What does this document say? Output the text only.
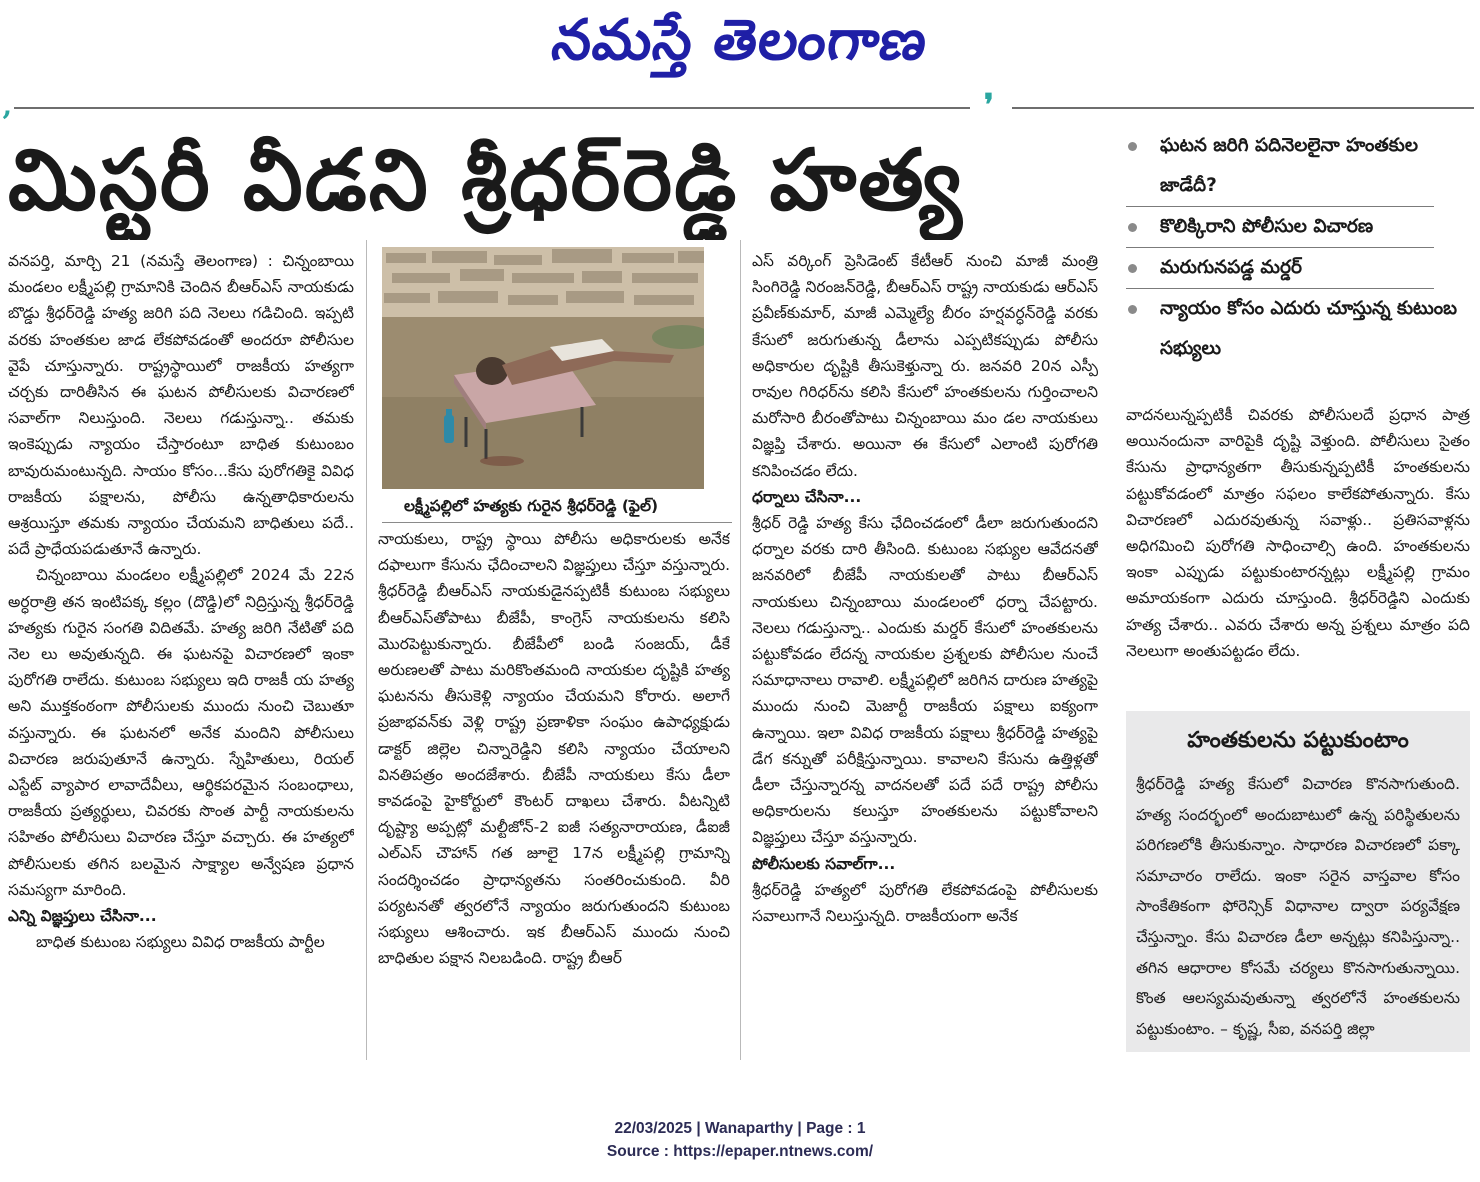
నమస్తే తెలంగాణ
‚	❜
మిస్టరీ వీడని శ్రీధర్‌రెడ్డి హత్య

వనపర్తి, మార్చి 21 (నమస్తే తెలంగాణ) : చిన్నంబాయి మండలం లక్ష్మీపల్లి గ్రామానికి చెందిన బీఆర్‌ఎస్ నాయకుడు బొడ్డు శ్రీధర్‌రెడ్డి హత్య జరిగి పది నెలలు గడిచింది. ఇప్పటి వరకు హంతకుల జాడ లేకపోవడంతో అందరూ పోలీసుల వైపే చూస్తున్నారు. రాష్ట్రస్థాయిలో రాజకీయ హత్యగా చర్చకు దారితీసిన ఈ ఘటన పోలీసులకు విచారణలో సవాల్‌గా నిలుస్తుంది. నెలలు గడుస్తున్నా.. తమకు ఇంకెప్పుడు న్యాయం చేస్తారంటూ బాధిత కుటుంబం బావురుమంటున్నది. సాయం కోసం...కేసు పురోగతికై వివిధ రాజకీయ పక్షాలను, పోలీసు ఉన్నతాధికారులను ఆశ్రయిస్తూ తమకు న్యాయం చేయమని బాధితులు పదే.. పదే ప్రాధేయపడుతూనే ఉన్నారు.

చిన్నంబాయి మండలం లక్ష్మీపల్లిలో 2024 మే 22న అర్ధరాత్రి తన ఇంటిపక్క కల్లం (దొడ్డి)లో నిద్రిస్తున్న శ్రీధర్‌రెడ్డి హత్యకు గురైన సంగతి విదితమే. హత్య జరిగి నేటితో పది నెల లు అవుతున్నది. ఈ ఘటనపై విచారణలో ఇంకా పురోగతి రాలేదు. కుటుంబ సభ్యులు ఇది రాజకీ య హత్య అని ముక్తకంఠంగా పోలీసులకు ముందు నుంచి చెబుతూ వస్తున్నారు. ఈ ఘటనలో అనేక మందిని పోలీసులు విచారణ జరుపుతూనే ఉన్నారు. స్నేహితులు, రియల్ ఎస్టేట్ వ్యాపార లావాదేవీలు, ఆర్థికపరమైన సంబంధాలు, రాజకీయ ప్రత్యర్థులు, చివరకు సొంత పార్టీ నాయకులను సహితం పోలీసులు విచారణ చేస్తూ వచ్చారు. ఈ హత్యలో పోలీసులకు తగిన బలమైన సాక్ష్యాల అన్వేషణ ప్రధాన సమస్యగా మారింది.

ఎన్ని విజ్ఞప్తులు చేసినా...

బాధిత కుటుంబ సభ్యులు వివిధ రాజకీయ పార్టీల

లక్ష్మీపల్లిలో హత్యకు గురైన శ్రీధర్‌రెడ్డి (ఫైల్)

నాయకులు, రాష్ట్ర స్థాయి పోలీసు అధికారులకు అనేక దఫాలుగా కేసును ఛేదించాలని విజ్ఞప్తులు చేస్తూ వస్తున్నారు. శ్రీధర్‌రెడ్డి బీఆర్‌ఎస్ నాయకుడైనప్పటికీ కుటుంబ సభ్యులు బీఆర్‌ఎస్‌తోపాటు బీజేపీ, కాంగ్రెస్ నాయకులను కలిసి మొరపెట్టుకున్నారు. బీజేపీలో బండి సంజయ్, డీకే అరుణలతో పాటు మరికొంతమంది నాయకుల దృష్టికి హత్య ఘటనను తీసుకెళ్లి న్యాయం చేయమని కోరారు. అలాగే ప్రజాభవన్‌కు వెళ్లి రాష్ట్ర ప్రణాళికా సంఘం ఉపాధ్యక్షుడు డాక్టర్ జిల్లెల చిన్నారెడ్డిని కలిసి న్యాయం చేయాలని వినతిపత్రం అందజేశారు. బీజేపీ నాయకులు కేసు డీలా కావడంపై హైకోర్టులో కౌంటర్ దాఖలు చేశారు. వీటన్నిటి దృష్ట్యా అప్పట్లో మల్టీజోన్-2 ఐజీ సత్యనారాయణ, డీఐజీ ఎల్‌ఎస్ చౌహాన్ గత జూలై 17న లక్ష్మీపల్లి గ్రామాన్ని సందర్శించడం ప్రాధాన్యతను సంతరించుకుంది. వీరి పర్యటనతో త్వరలోనే న్యాయం జరుగుతుందని కుటుంబ సభ్యులు ఆశించారు. ఇక బీఆర్‌ఎస్ ముందు నుంచి బాధితుల పక్షాన నిలబడింది. రాష్ట్ర బీఆర్

ఎస్ వర్కింగ్ ప్రెసిడెంట్ కేటీఆర్ నుంచి మాజీ మంత్రి సింగిరెడ్డి నిరంజన్‌రెడ్డి, బీఆర్‌ఎస్ రాష్ట్ర నాయకుడు ఆర్‌ఎస్ ప్రవీణ్‌కుమార్, మాజీ ఎమ్మెల్యే బీరం హర్షవర్ధన్‌రెడ్డి వరకు కేసులో జరుగుతున్న డీలాను ఎప్పటికప్పుడు పోలీసు అధికారుల దృష్టికి తీసుకెళ్తున్నా రు. జనవరి 20న ఎస్పీ రావుల గిరిధర్‌ను కలిసి కేసులో హంతకులను గుర్తించాలని మరోసారి బీరంతోపాటు చిన్నంబాయి మం డల నాయకులు విజ్ఞప్తి చేశారు. అయినా ఈ కేసులో ఎలాంటి పురోగతి కనిపించడం లేదు.

ధర్నాలు చేసినా...

శ్రీధర్ రెడ్డి హత్య కేసు ఛేదించడంలో డీలా జరుగుతుందని ధర్నాల వరకు దారి తీసింది. కుటుంబ సభ్యుల ఆవేదనతో జనవరిలో బీజేపీ నాయకులతో పాటు బీఆర్‌ఎస్ నాయకులు చిన్నంబాయి మండలంలో ధర్నా చేపట్టారు. నెలలు గడుస్తున్నా.. ఎందుకు మర్డర్ కేసులో హంతకులను పట్టుకోవడం లేదన్న నాయకుల ప్రశ్నలకు పోలీసుల నుంచే సమాధానాలు రావాలి. లక్ష్మీపల్లిలో జరిగిన దారుణ హత్యపై ముందు నుంచి మెజార్టీ రాజకీయ పక్షాలు ఐక్యంగా ఉన్నాయి. ఇలా వివిధ రాజకీయ పక్షాలు శ్రీధర్‌రెడ్డి హత్యపై డేగ కన్నుతో పరీక్షిస్తున్నాయి. కావాలని కేసును ఉత్తిళ్లతో డీలా చేస్తున్నారన్న వాదనలతో పదే పదే రాష్ట్ర పోలీసు అధికారులను కలుస్తూ హంతకులను పట్టుకోవాలని విజ్ఞప్తులు చేస్తూ వస్తున్నారు.

పోలీసులకు సవాల్‌గా...

శ్రీధర్‌రెడ్డి హత్యలో పురోగతి లేకపోవడంపై పోలీసులకు సవాలుగానే నిలుస్తున్నది. రాజకీయంగా అనేక

ఘటన జరిగి పదినెలలైనా హంతకుల జాడేదీ?
కొలిక్కిరాని పోలీసుల విచారణ
మరుగునపడ్డ మర్డర్
న్యాయం కోసం ఎదురు చూస్తున్న కుటుంబ సభ్యులు

వాదనలున్నప్పటికీ చివరకు పోలీసులదే ప్రధాన పాత్ర అయినందునా వారిపైకి దృష్టి వెళ్తుంది. పోలీసులు సైతం కేసును ప్రాధాన్యతగా తీసుకున్నప్పటికీ హంతకులను పట్టుకోవడంలో మాత్రం సఫలం కాలేకపోతున్నారు. కేసు విచారణలో ఎదురవుతున్న సవాళ్లు.. ప్రతిసవాళ్లను అధిగమించి పురోగతి సాధించాల్సి ఉంది. హంతకులను ఇంకా ఎప్పుడు పట్టుకుంటారన్నట్లు లక్ష్మీపల్లి గ్రామం అమాయకంగా ఎదురు చూస్తుంది. శ్రీధర్‌రెడ్డిని ఎందుకు హత్య చేశారు.. ఎవరు చేశారు అన్న ప్రశ్నలు మాత్రం పది నెలలుగా అంతుపట్టడం లేదు.

హంతకులను పట్టుకుంటాం
శ్రీధర్‌రెడ్డి హత్య కేసులో విచారణ కొనసాగుతుంది. హత్య సందర్భంలో అందుబాటులో ఉన్న పరిస్థితులను పరిగణలోకి తీసుకున్నాం. సాధారణ విచారణలో పక్కా సమాచారం రాలేదు. ఇంకా సరైన వాస్తవాల కోసం సాంకేతికంగా ఫోరెన్సిక్ విధానాల ద్వారా పర్యవేక్షణ చేస్తున్నాం. కేసు విచారణ డీలా అన్నట్లు కనిపిస్తున్నా.. తగిన ఆధారాల కోసమే చర్యలు కొనసాగుతున్నాయి. కొంత ఆలస్యమవుతున్నా త్వరలోనే హంతకులను పట్టుకుంటాం. – కృష్ణ, సీఐ, వనపర్తి జిల్లా
22/03/2025 | Wanaparthy | Page : 1
Source : https://epaper.ntnews.com/
